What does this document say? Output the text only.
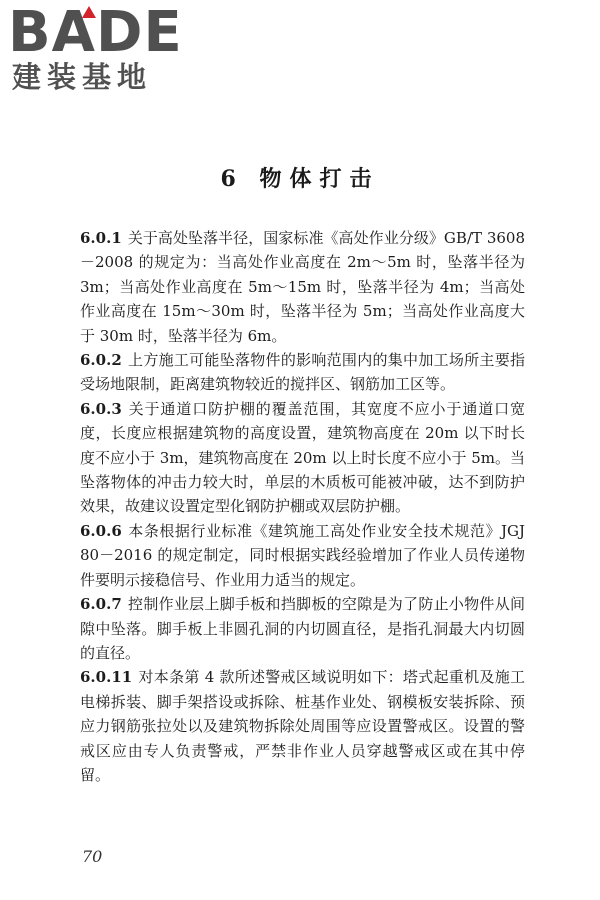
BADE
建装基地
6 物体打击

6.0.1 关于高处坠落半径，国家标准《高处作业分级》GB/T 3608－2008 的规定为：当高处作业高度在 2m～5m 时，坠落半径为 3m；当高处作业高度在 5m～15m 时，坠落半径为 4m；当高处作业高度在 15m～30m 时，坠落半径为 5m；当高处作业高度大于 30m 时，坠落半径为 6m。

6.0.2 上方施工可能坠落物件的影响范围内的集中加工场所主要指受场地限制，距离建筑物较近的搅拌区、钢筋加工区等。

6.0.3 关于通道口防护棚的覆盖范围，其宽度不应小于通道口宽度，长度应根据建筑物的高度设置，建筑物高度在 20m 以下时长度不应小于 3m，建筑物高度在 20m 以上时长度不应小于 5m。当坠落物体的冲击力较大时，单层的木质板可能被冲破，达不到防护效果，故建议设置定型化钢防护棚或双层防护棚。

6.0.6 本条根据行业标准《建筑施工高处作业安全技术规范》JGJ 80－2016 的规定制定，同时根据实践经验增加了作业人员传递物件要明示接稳信号、作业用力适当的规定。

6.0.7 控制作业层上脚手板和挡脚板的空隙是为了防止小物件从间隙中坠落。脚手板上非圆孔洞的内切圆直径，是指孔洞最大内切圆的直径。

6.0.11 对本条第 4 款所述警戒区域说明如下：塔式起重机及施工电梯拆装、脚手架搭设或拆除、桩基作业处、钢模板安装拆除、预应力钢筋张拉处以及建筑物拆除处周围等应设置警戒区。设置的警戒区应由专人负责警戒，严禁非作业人员穿越警戒区或在其中停留。

70
